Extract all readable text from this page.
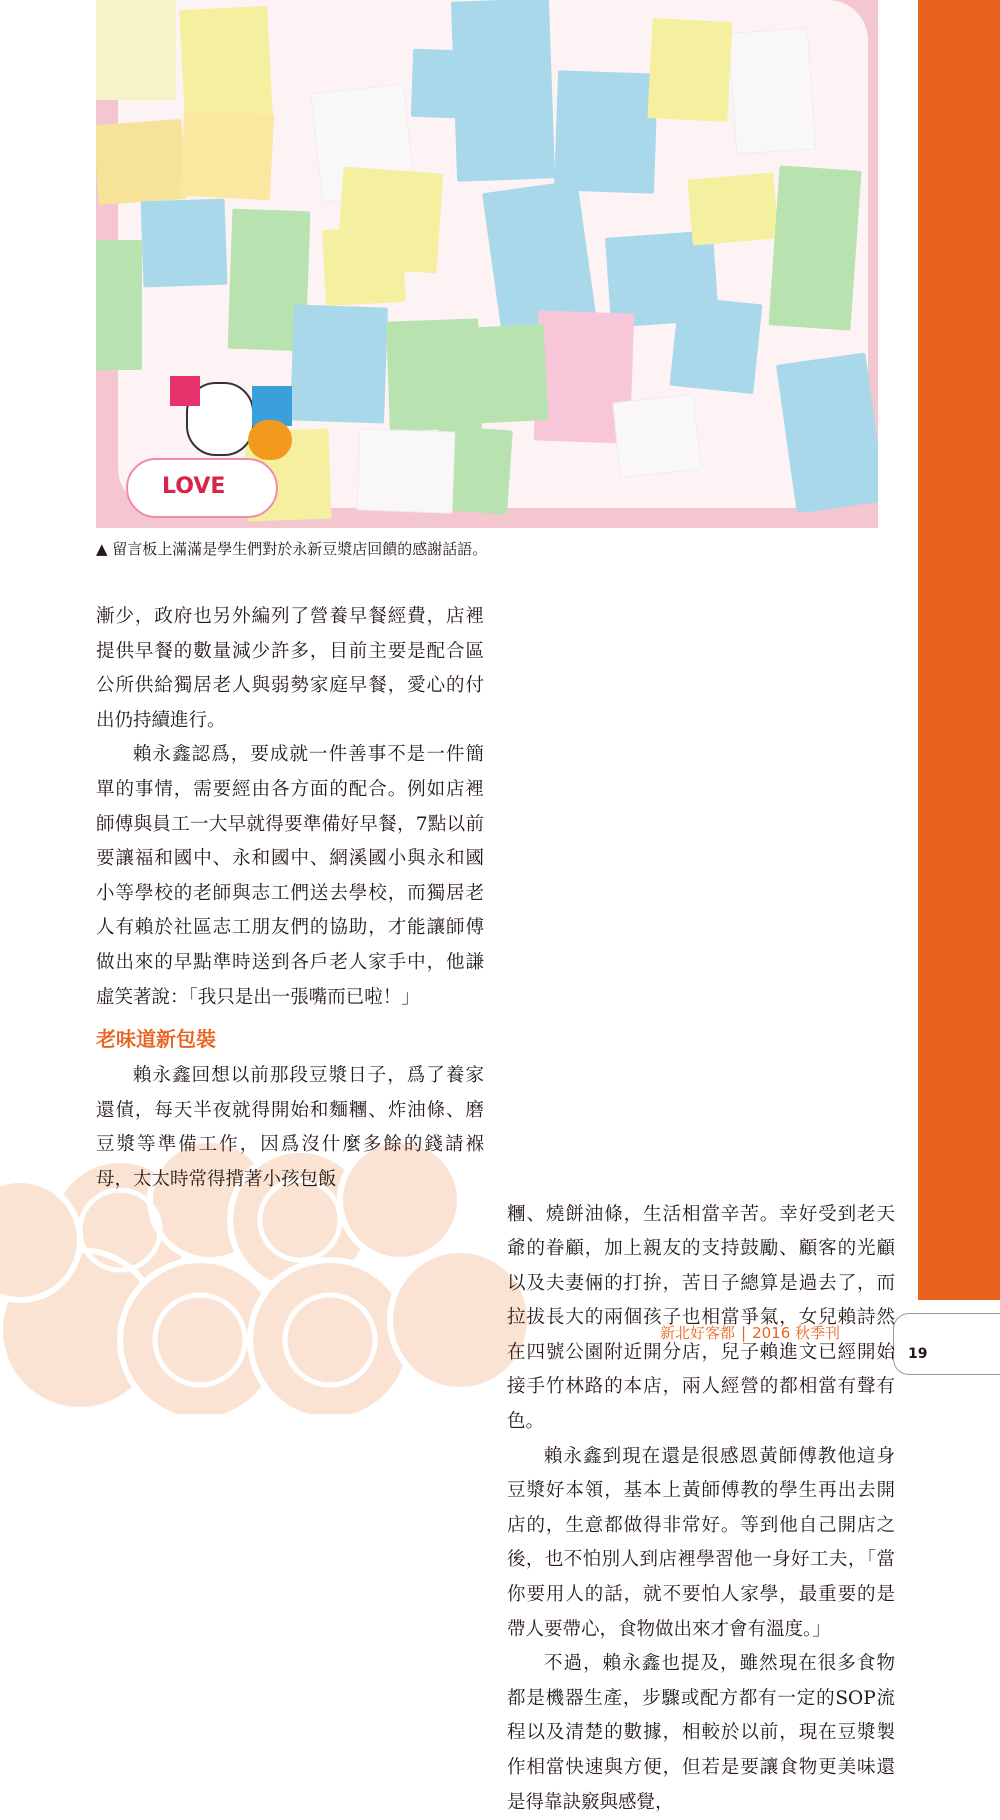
LOVE
▲ 留言板上滿滿是學生們對於永新豆漿店回饋的感謝話語。

漸少，政府也另外編列了營養早餐經費，店裡提供早餐的數量減少許多，目前主要是配合區公所供給獨居老人與弱勢家庭早餐，愛心的付出仍持續進行。

賴永鑫認爲，要成就一件善事不是一件簡單的事情，需要經由各方面的配合。例如店裡師傅與員工一大早就得要準備好早餐，7點以前要讓福和國中、永和國中、網溪國小與永和國小等學校的老師與志工們送去學校，而獨居老人有賴於社區志工朋友們的協助，才能讓師傅做出來的早點準時送到各戶老人家手中，他謙虛笑著說：「我只是出一張嘴而已啦！」

老味道新包裝

賴永鑫回想以前那段豆漿日子，爲了養家還債，每天半夜就得開始和麵糰、炸油條、磨豆漿等準備工作，因爲沒什麼多餘的錢請褓母，太太時常得揹著小孩包飯

糰、燒餅油條，生活相當辛苦。幸好受到老天爺的眷顧，加上親友的支持鼓勵、顧客的光顧以及夫妻倆的打拚，苦日子總算是過去了，而拉拔長大的兩個孩子也相當爭氣，女兒賴詩然在四號公園附近開分店，兒子賴進文已經開始接手竹林路的本店，兩人經營的都相當有聲有色。

賴永鑫到現在還是很感恩黃師傅教他這身豆漿好本領，基本上黃師傅教的學生再出去開店的，生意都做得非常好。等到他自己開店之後，也不怕別人到店裡學習他一身好工夫，「當你要用人的話，就不要怕人家學，最重要的是帶人要帶心，食物做出來才會有溫度。」

不過，賴永鑫也提及，雖然現在很多食物都是機器生產，步驟或配方都有一定的SOP流程以及清楚的數據，相較於以前，現在豆漿製作相當快速與方便，但若是要讓食物更美味還是得靠訣竅與感覺，

新北好客都 | 2016 秋季刊
19
